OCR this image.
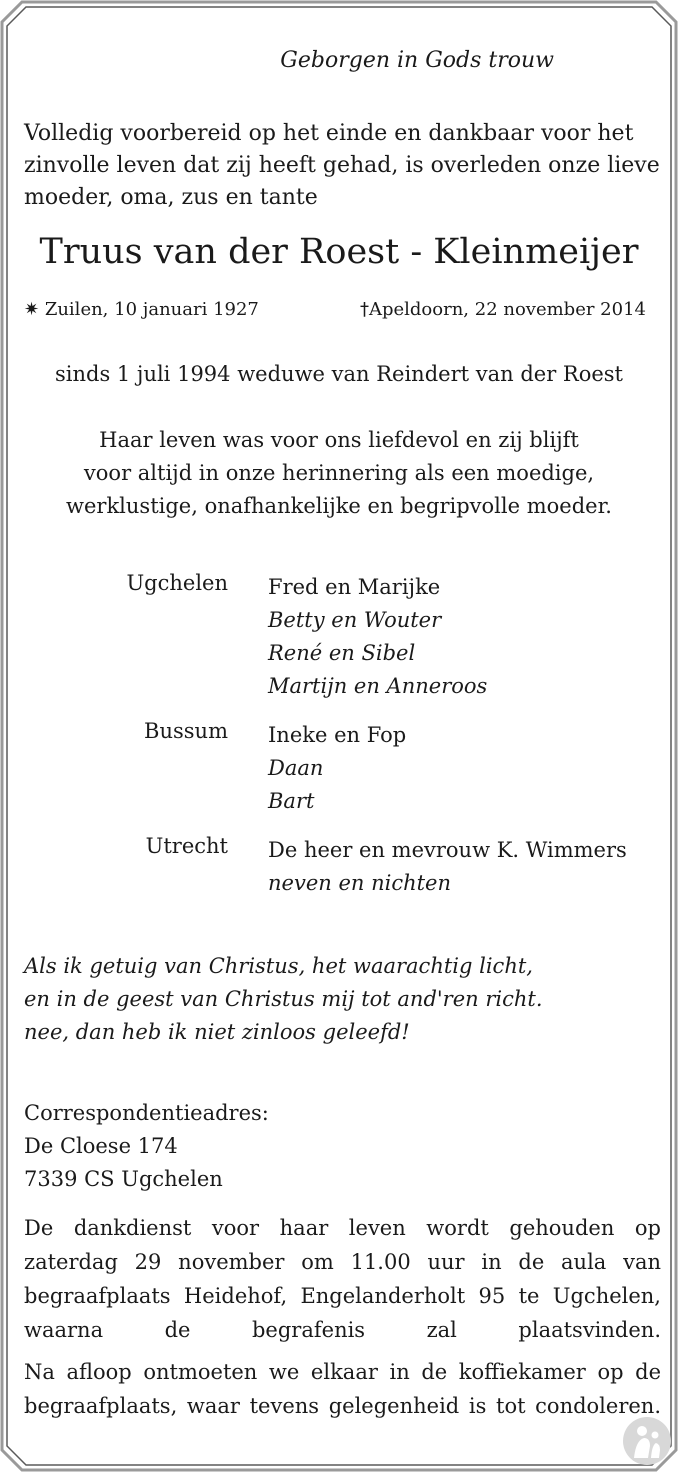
Geborgen in Gods trouw
Volledig voorbereid op het einde en dankbaar voor het
zinvolle leven dat zij heeft gehad, is overleden onze lieve
moeder, oma, zus en tante
Truus van der Roest - Kleinmeijer
✷ Zuilen, 10 januari 1927	†Apeldoorn, 22 november 2014
sinds 1 juli 1994 weduwe van Reindert van der Roest
Haar leven was voor ons liefdevol en zij blijft
voor altijd in onze herinnering als een moedige,
werklustige, onafhankelijke en begripvolle moeder.
Ugchelen Fred en Marijke
Betty en Wouter
René en Sibel
Martijn en Anneroos
Bussum Ineke en Fop
Daan
Bart
Utrecht De heer en mevrouw K. Wimmers
neven en nichten
Als ik getuig van Christus, het waarachtig licht,
en in de geest van Christus mij tot and'ren richt.
nee, dan heb ik niet zinloos geleefd!
Correspondentieadres:
De Cloese 174
7339 CS Ugchelen
De dankdienst voor haar leven wordt gehouden op zaterdag 29 november om 11.00 uur in de aula van begraafplaats Heidehof, Engelanderholt 95 te Ugchelen, waarna de begrafenis zal plaatsvinden.
Na afloop ontmoeten we elkaar in de koffiekamer op de begraafplaats, waar tevens gelegenheid is tot condoleren.
